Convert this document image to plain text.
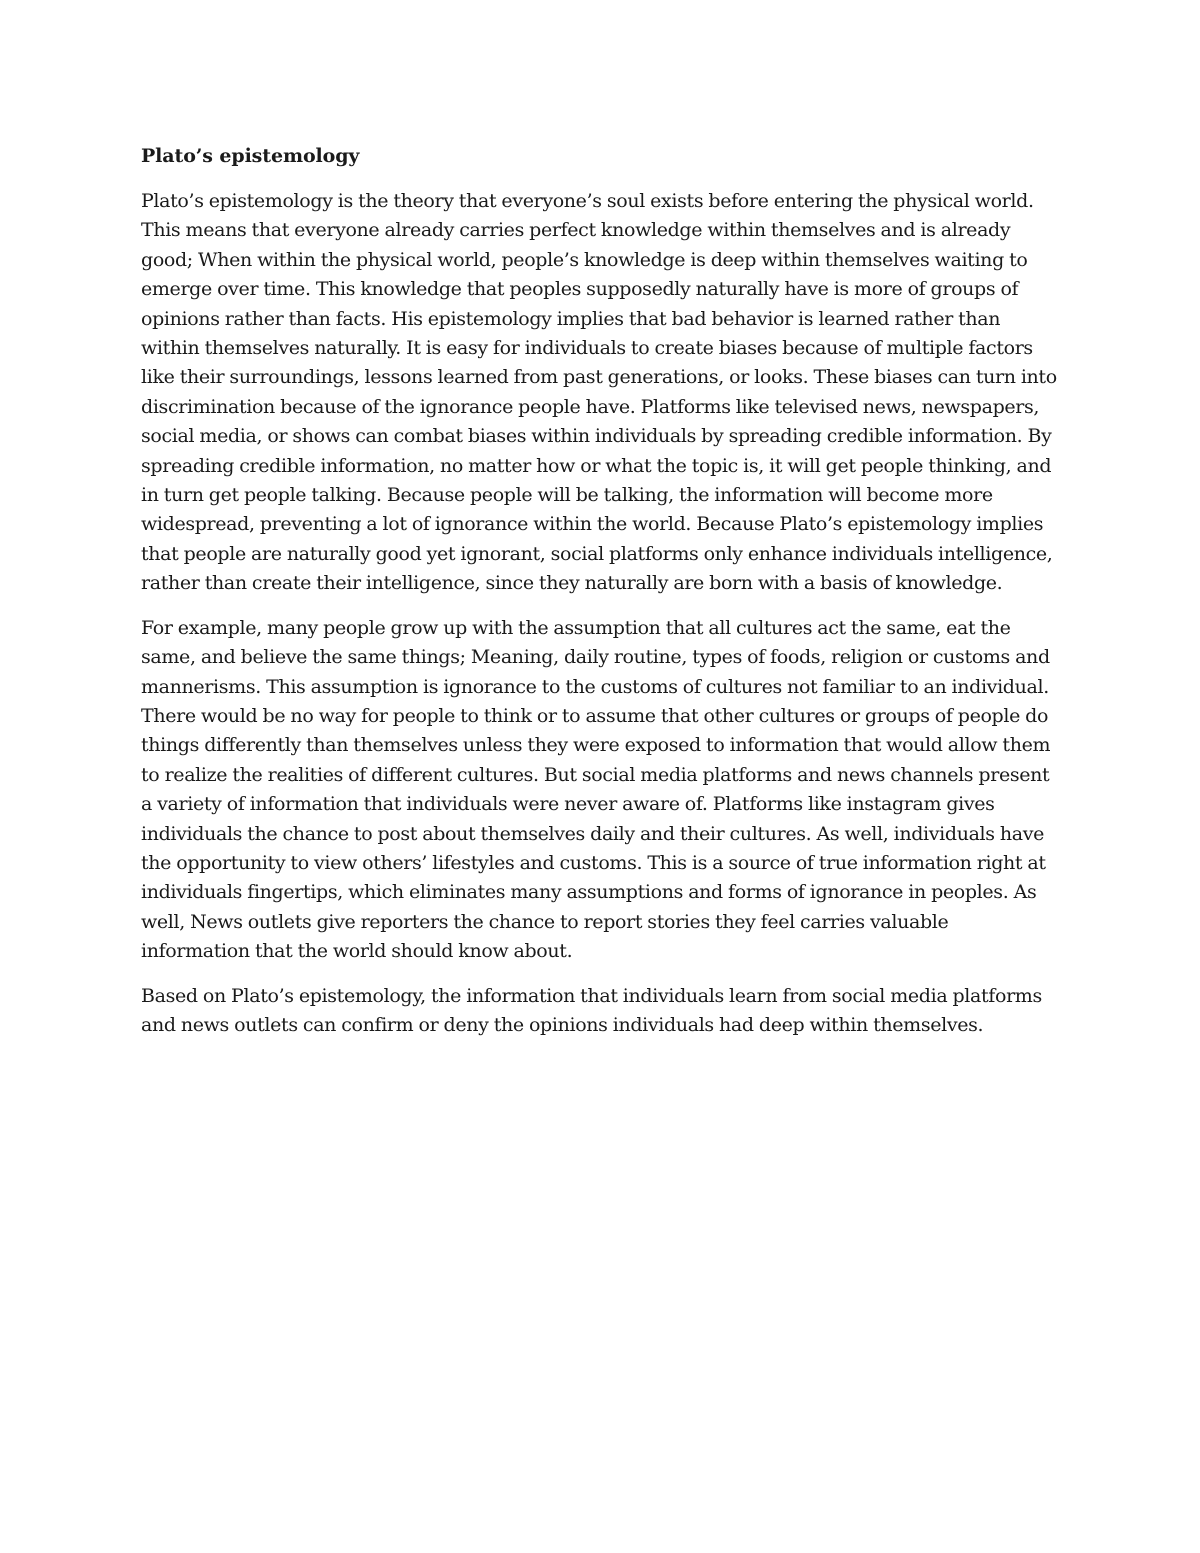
Plato’s epistemology

Plato’s epistemology is the theory that everyone’s soul exists before entering the physical world. This means that everyone already carries perfect knowledge within themselves and is already good; When within the physical world, people’s knowledge is deep within themselves waiting to emerge over time. This knowledge that peoples supposedly naturally have is more of groups of opinions rather than facts. His epistemology implies that bad behavior is learned rather than within themselves naturally. It is easy for individuals to create biases because of multiple factors like their surroundings, lessons learned from past generations, or looks. These biases can turn into discrimination because of the ignorance people have. Platforms like televised news, newspapers, social media, or shows can combat biases within individuals by spreading credible information. By spreading credible information, no matter how or what the topic is, it will get people thinking, and in turn get people talking. Because people will be talking, the information will become more widespread, preventing a lot of ignorance within the world. Because Plato’s epistemology implies that people are naturally good yet ignorant, social platforms only enhance individuals intelligence, rather than create their intelligence, since they naturally are born with a basis of knowledge.

For example, many people grow up with the assumption that all cultures act the same, eat the same, and believe the same things; Meaning, daily routine, types of foods, religion or customs and mannerisms. This assumption is ignorance to the customs of cultures not familiar to an individual. There would be no way for people to think or to assume that other cultures or groups of people do things differently than themselves unless they were exposed to information that would allow them to realize the realities of different cultures. But social media platforms and news channels present a variety of information that individuals were never aware of. Platforms like instagram gives individuals the chance to post about themselves daily and their cultures. As well, individuals have the opportunity to view others’ lifestyles and customs. This is a source of true information right at individuals fingertips, which eliminates many assumptions and forms of ignorance in peoples. As well, News outlets give reporters the chance to report stories they feel carries valuable information that the world should know about.

Based on Plato’s epistemology, the information that individuals learn from social media platforms and news outlets can confirm or deny the opinions individuals had deep within themselves.
